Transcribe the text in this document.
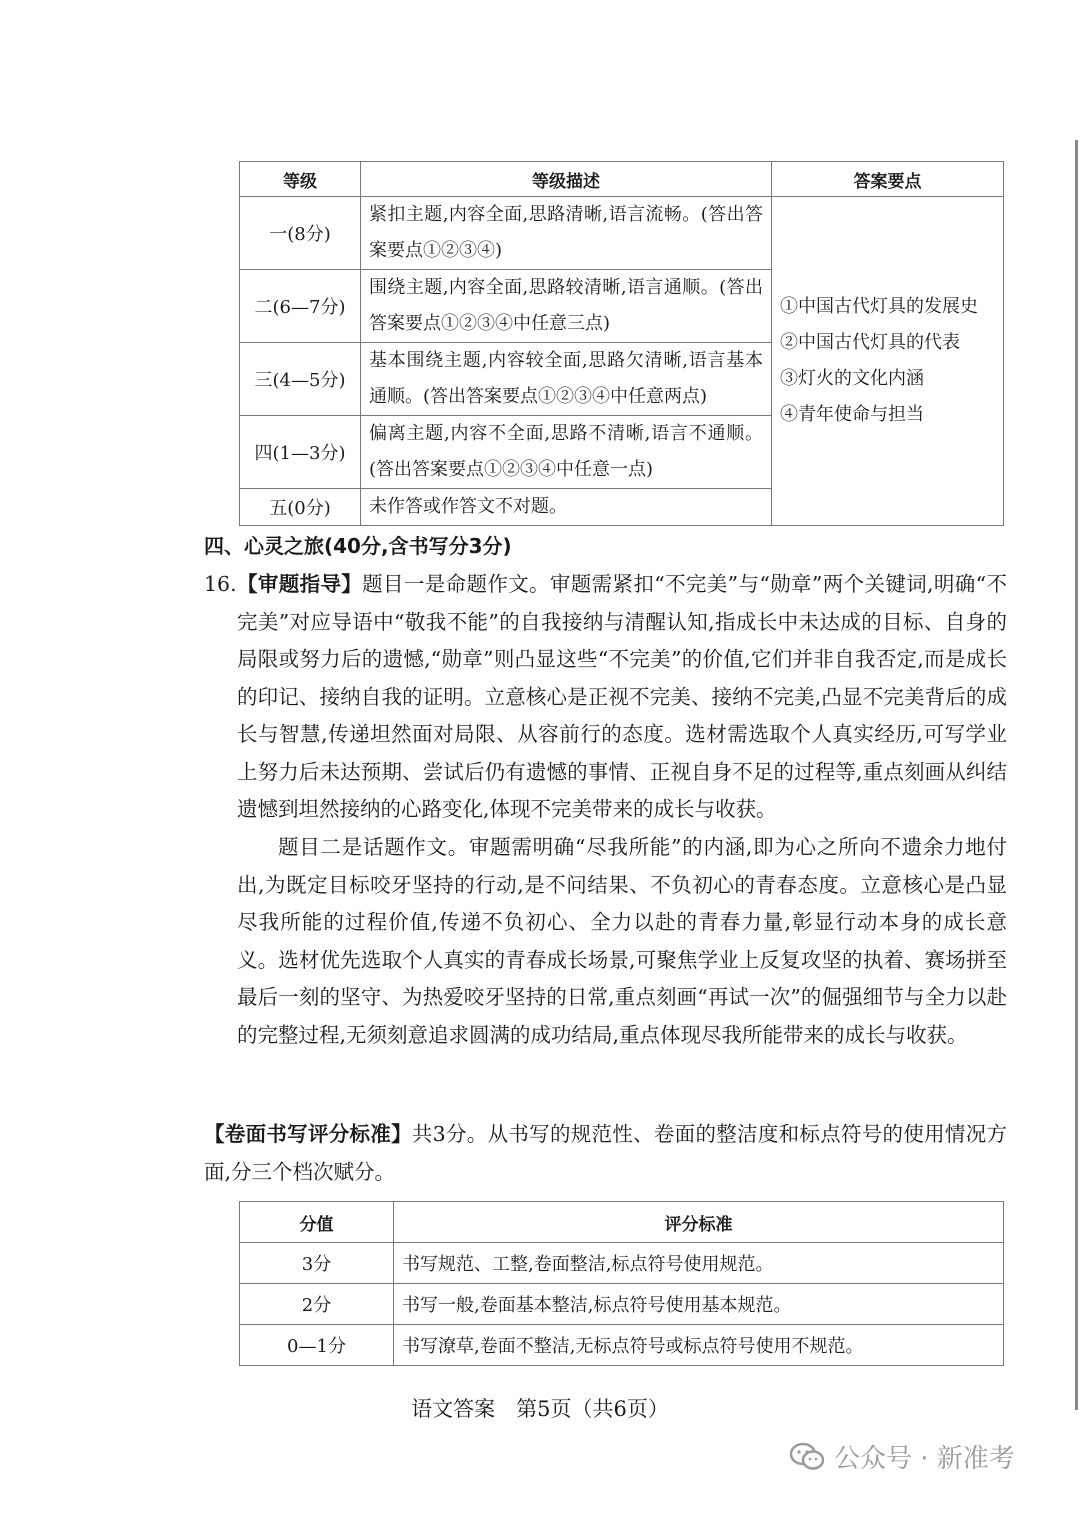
等级	等级描述	答案要点
一(8分)	紧扣主题,内容全面,思路清晰,语言流畅。(答出答案要点①②③④)	①中国古代灯具的发展史
②中国古代灯具的代表
③灯火的文化内涵
④青年使命与担当

二(6—7分)	围绕主题,内容全面,思路较清晰,语言通顺。(答出答案要点①②③④中任意三点)	
三(4—5分)	基本围绕主题,内容较全面,思路欠清晰,语言基本通顺。(答出答案要点①②③④中任意两点)	
四(1—3分)	偏离主题,内容不全面,思路不清晰,语言不通顺。(答出答案要点①②③④中任意一点)	
五(0分)	未作答或作答文不对题。	
四、心灵之旅(40分,含书写分3分)
16. 【审题指导】题目一是命题作文。审题需紧扣“不完美”与“勋章”两个关键词,明确“不完美”对应导语中“敬我不能”的自我接纳与清醒认知,指成长中未达成的目标、自身的局限或努力后的遗憾,“勋章”则凸显这些“不完美”的价值,它们并非自我否定,而是成长的印记、接纳自我的证明。立意核心是正视不完美、接纳不完美,凸显不完美背后的成长与智慧,传递坦然面对局限、从容前行的态度。选材需选取个人真实经历,可写学业上努力后未达预期、尝试后仍有遗憾的事情、正视自身不足的过程等,重点刻画从纠结遗憾到坦然接纳的心路变化,体现不完美带来的成长与收获。
题目二是话题作文。审题需明确“尽我所能”的内涵,即为心之所向不遗余力地付出,为既定目标咬牙坚持的行动,是不问结果、不负初心的青春态度。立意核心是凸显尽我所能的过程价值,传递不负初心、全力以赴的青春力量,彰显行动本身的成长意义。选材优先选取个人真实的青春成长场景,可聚焦学业上反复攻坚的执着、赛场拼至最后一刻的坚守、为热爱咬牙坚持的日常,重点刻画“再试一次”的倔强细节与全力以赴的完整过程,无须刻意追求圆满的成功结局,重点体现尽我所能带来的成长与收获。
【卷面书写评分标准】共3分。从书写的规范性、卷面的整洁度和标点符号的使用情况方面,分三个档次赋分。
分值	评分标准
3分	书写规范、工整,卷面整洁,标点符号使用规范。
2分	书写一般,卷面基本整洁,标点符号使用基本规范。
0—1分	书写潦草,卷面不整洁,无标点符号或标点符号使用不规范。
语文答案　第5页（共6页）
公众号 · 新准考
